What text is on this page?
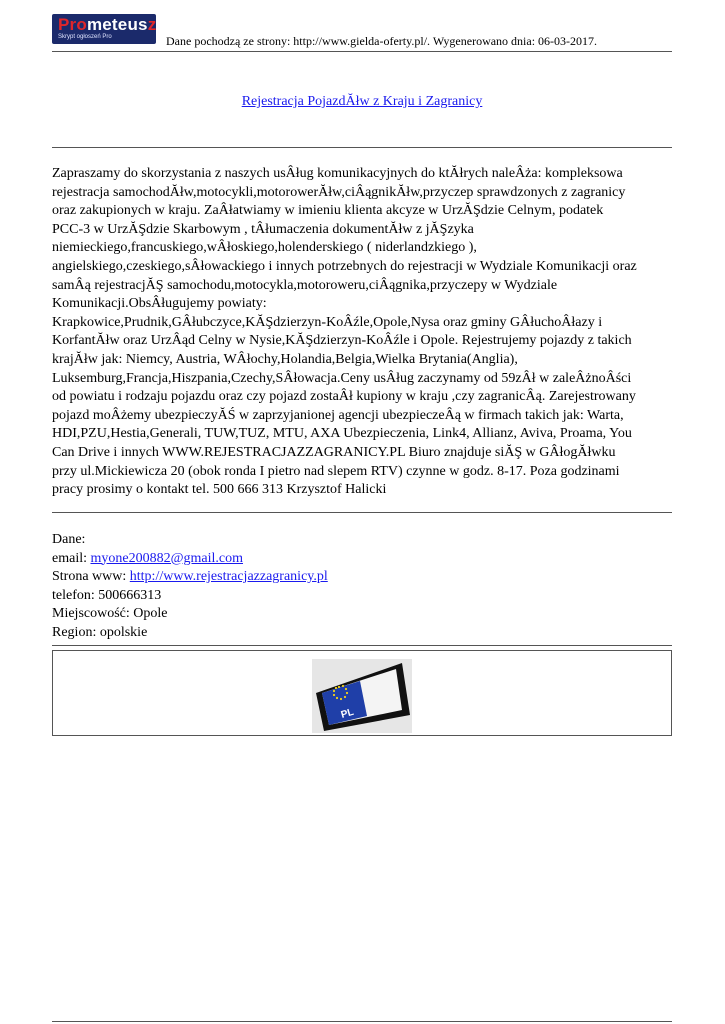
Prometeusz
Skrypt ogłoszeń Pro	Dane pochodzą ze strony: http://www.gielda-oferty.pl/. Wygenerowano dnia: 06-03-2017.
Rejestracja PojazdĂłw z Kraju i Zagranicy
Zapraszamy do skorzystania z naszych usÂług komunikacyjnych do ktĂłrych naleÂża: kompleksowa
rejestracja samochodĂłw,motocykli,motorowerĂłw,ciÂągnikĂłw,przyczep sprawdzonych z zagranicy
oraz zakupionych w kraju. ZaÂłatwiamy w imieniu klienta akcyze w UrzĂŞdzie Celnym, podatek
PCC-3 w UrzĂŞdzie Skarbowym , tÂłumaczenia dokumentĂłw z jĂŞzyka
niemieckiego,francuskiego,wÂłoskiego,holenderskiego ( niderlandzkiego ),
angielskiego,czeskiego,sÂłowackiego i innych potrzebnych do rejestracji w Wydziale Komunikacji oraz
samÂą rejestracjĂŞ samochodu,motocykla,motoroweru,ciÂągnika,przyczepy w Wydziale
Komunikacji.ObsÂługujemy powiaty:
Krapkowice,Prudnik,GÂłubczyce,KĂŞdzierzyn-KoÂźle,Opole,Nysa oraz gminy GÂłuchoÂłazy i
KorfantĂłw oraz UrzÂąd Celny w Nysie,KĂŞdzierzyn-KoÂźle i Opole. Rejestrujemy pojazdy z takich
krajĂłw jak: Niemcy, Austria, WÂłochy,Holandia,Belgia,Wielka Brytania(Anglia),
Luksemburg,Francja,Hiszpania,Czechy,SÂłowacja.Ceny usÂług zaczynamy od 59zÂł w zaleÂżnoÂści
od powiatu i rodzaju pojazdu oraz czy pojazd zostaÂł kupiony w kraju ,czy zagranicÂą. Zarejestrowany
pojazd moÂżemy ubezpieczyĂŚ w zaprzyjanionej agencji ubezpieczeÂą w firmach takich jak: Warta,
HDI,PZU,Hestia,Generali, TUW,TUZ, MTU, AXA Ubezpieczenia, Link4, Allianz, Aviva, Proama, You
Can Drive i innych WWW.REJESTRACJAZZAGRANICY.PL Biuro znajduje siĂŞ w GÂłogĂłwku
przy ul.Mickiewicza 20 (obok ronda I pietro nad slepem RTV) czynne w godz. 8-17. Poza godzinami
pracy prosimy o kontakt tel. 500 666 313 Krzysztof Halicki
Dane:
email: myone200882@gmail.com
Strona www: http://www.rejestracjazzagranicy.pl
telefon: 500666313
Miejscowość: Opole
Region: opolskie
PL
